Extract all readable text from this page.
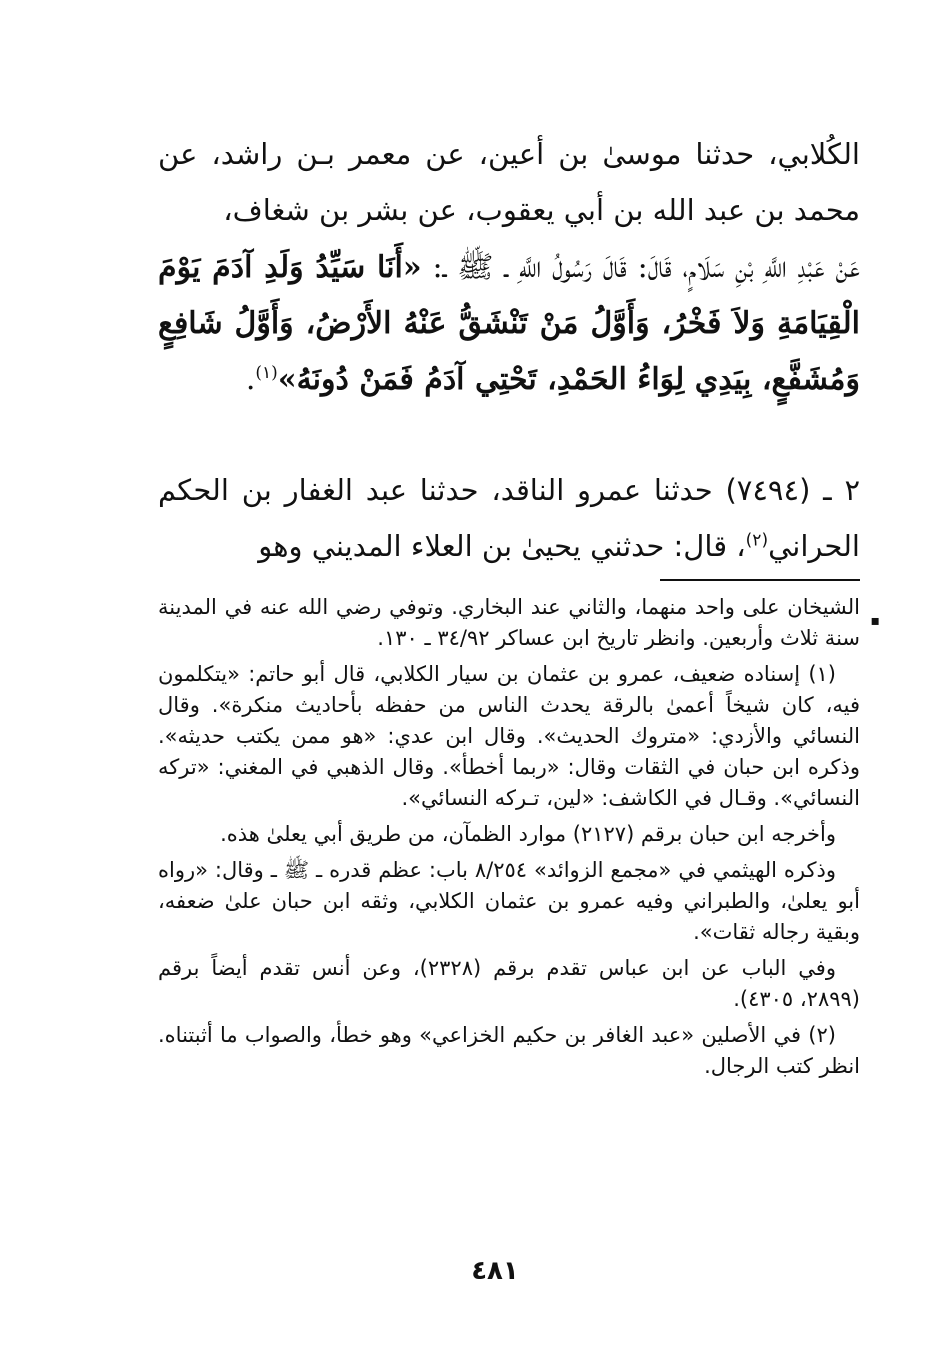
الكُلابي، حدثنا موسىٰ بن أعين، عن معمر بـن راشد، عن محمد بن عبد الله بن أبي يعقوب، عن بشر بن شغاف،
عَنْ عَبْدِ اللَّهِ بْنِ سَلَامٍ، قَالَ: قَالَ رَسُولُ اللَّهِ ـ ﷺ ـ: «أَنَا سَيِّدُ وَلَدِ آدَمَ يَوْمَ الْقِيَامَةِ وَلاَ فَخْرُ، وَأَوَّلُ مَنْ تَنْشَقُّ عَنْهُ الأَرْضُ، وَأَوَّلُ شَافِعٍ وَمُشَفَّعٍ، بِيَدِي لِوَاءُ الحَمْدِ، تَحْتِي آدَمُ فَمَنْ دُونَهُ»$^{(١)}$.
٢ ـ (٧٤٩٤) حدثنا عمرو الناقد، حدثنا عبد الغفار بن الحكم الحراني$^{(٢)}$، قال: حدثني يحيىٰ بن العلاء المديني وهو
▪

الشيخان على واحد منهما، والثاني عند البخاري. وتوفي رضي الله عنه في المدينة سنة ثلاث وأربعين. وانظر تاريخ ابن عساكر ٣٤/٩٢ ـ ١٣٠.

(١) إسناده ضعيف، عمرو بن عثمان بن سيار الكلابي، قال أبو حاتم: «يتكلمون فيه، كان شيخاً أعمىٰ بالرقة يحدث الناس من حفظه بأحاديث منكرة». وقال النسائي والأزدي: «متروك الحديث». وقال ابن عدي: «هو ممن يكتب حديثه». وذكره ابن حبان في الثقات وقال: «ربما أخطأ». وقال الذهبي في المغني: «تركه النسائي». وقـال في الكاشف: «لين، تـركه النسائي».

وأخرجه ابن حبان برقم (٢١٢٧) موارد الظمآن، من طريق أبي يعلىٰ هذه.

وذكره الهيثمي في «مجمع الزوائد» ٨/٢٥٤ باب: عظم قدره ـ ﷺ ـ وقال: «رواه أبو يعلىٰ، والطبراني وفيه عمرو بن عثمان الكلابي، وثقه ابن حبان علىٰ ضعفه، وبقية رجاله ثقات».

وفي الباب عن ابن عباس تقدم برقم (٢٣٢٨)، وعن أنس تقدم أيضاً برقم (٢٨٩٩، ٤٣٠٥).

(٢) في الأصلين «عبد الغافر بن حكيم الخزاعي» وهو خطأ، والصواب ما أثبتناه. انظر كتب الرجال.

٤٨١
